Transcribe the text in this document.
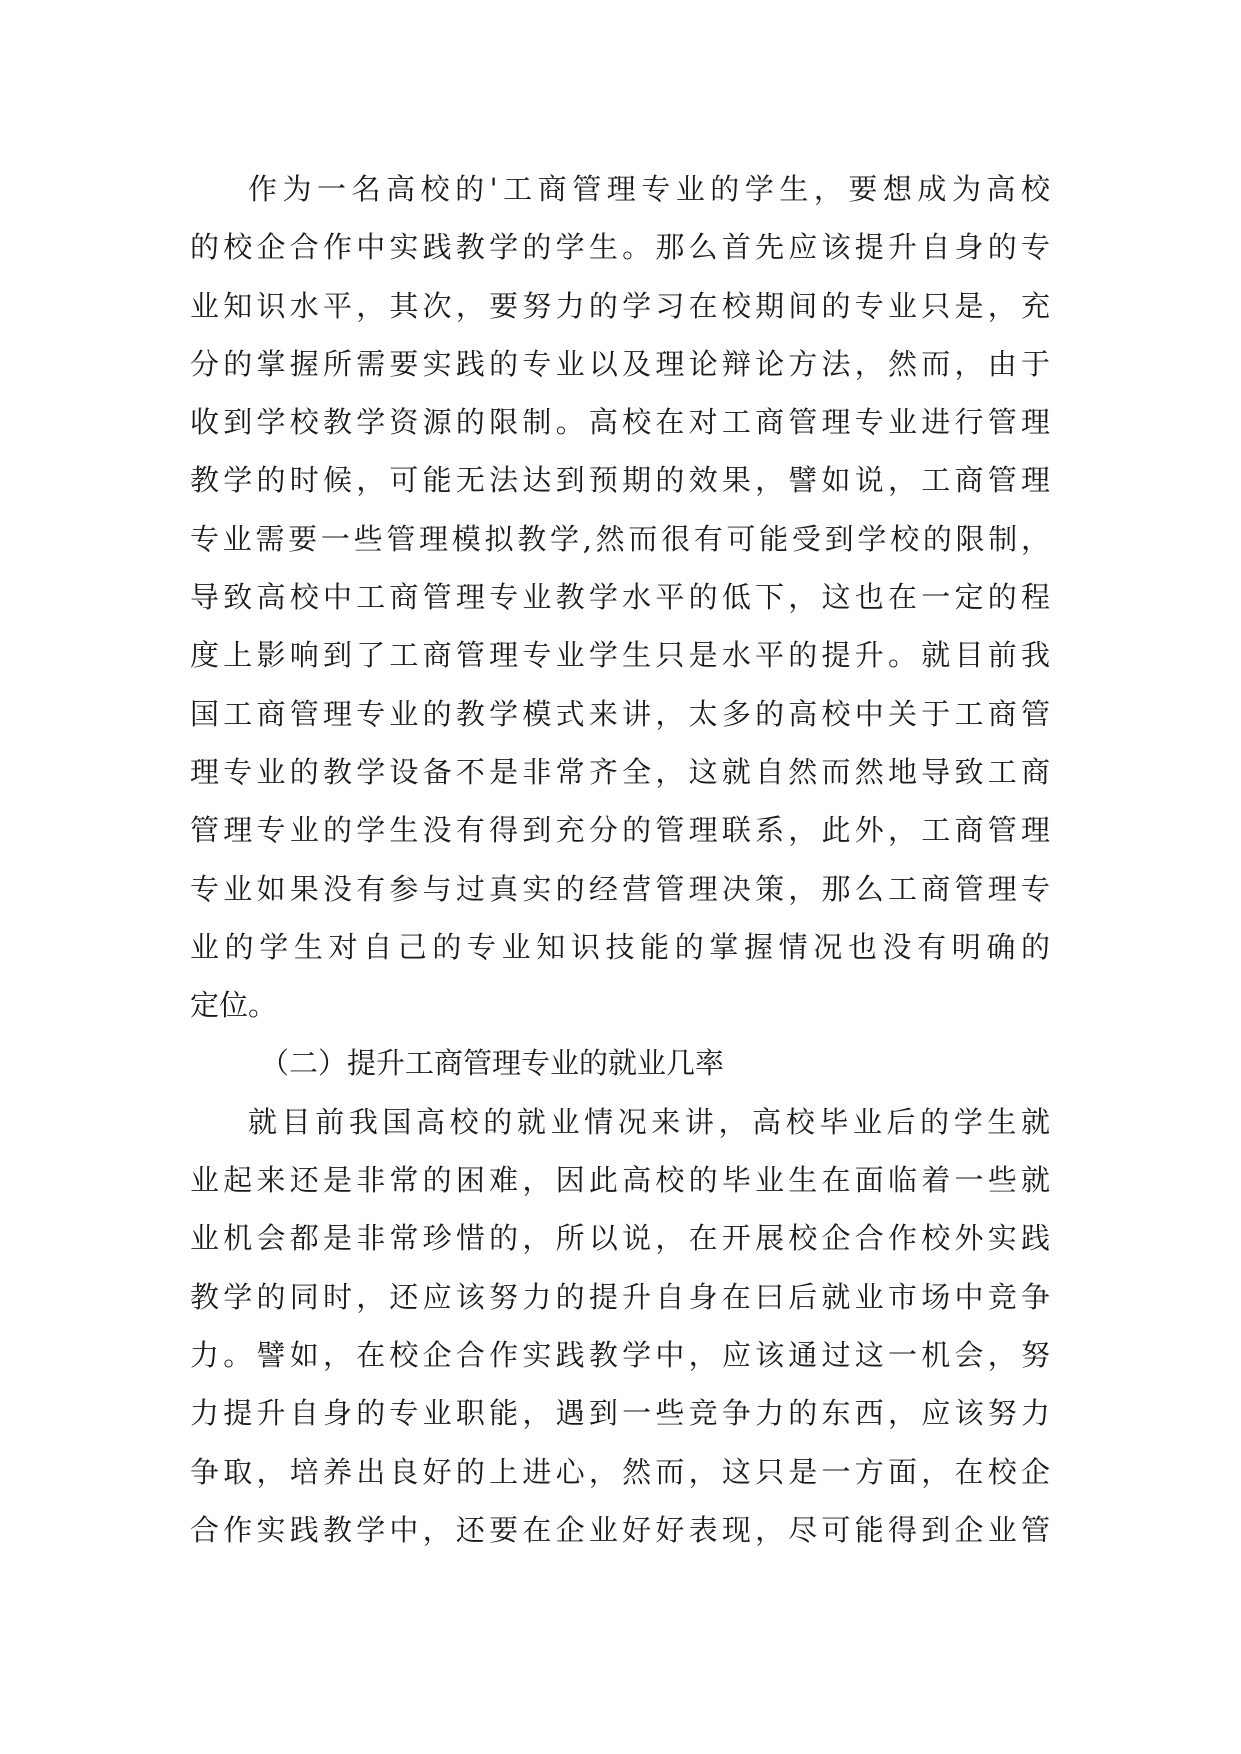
作为一名高校的'工商管理专业的学生，要想成为高校
的校企合作中实践教学的学生。那么首先应该提升自身的专
业知识水平，其次，要努力的学习在校期间的专业只是，充
分的掌握所需要实践的专业以及理论辩论方法，然而，由于
收到学校教学资源的限制。高校在对工商管理专业进行管理
教学的时候，可能无法达到预期的效果，譬如说，工商管理
专业需要一些管理模拟教学,然而很有可能受到学校的限制，
导致高校中工商管理专业教学水平的低下，这也在一定的程
度上影响到了工商管理专业学生只是水平的提升。就目前我
国工商管理专业的教学模式来讲，太多的高校中关于工商管
理专业的教学设备不是非常齐全，这就自然而然地导致工商
管理专业的学生没有得到充分的管理联系，此外，工商管理
专业如果没有参与过真实的经营管理决策，那么工商管理专
业的学生对自己的专业知识技能的掌握情况也没有明确的
定位。
（二）提升工商管理专业的就业几率
就目前我国高校的就业情况来讲，高校毕业后的学生就
业起来还是非常的困难，因此高校的毕业生在面临着一些就
业机会都是非常珍惜的，所以说，在开展校企合作校外实践
教学的同时，还应该努力的提升自身在曰后就业市场中竞争
力。譬如，在校企合作实践教学中，应该通过这一机会，努
力提升自身的专业职能，遇到一些竞争力的东西，应该努力
争取，培养出良好的上进心，然而，这只是一方面，在校企
合作实践教学中，还要在企业好好表现，尽可能得到企业管
